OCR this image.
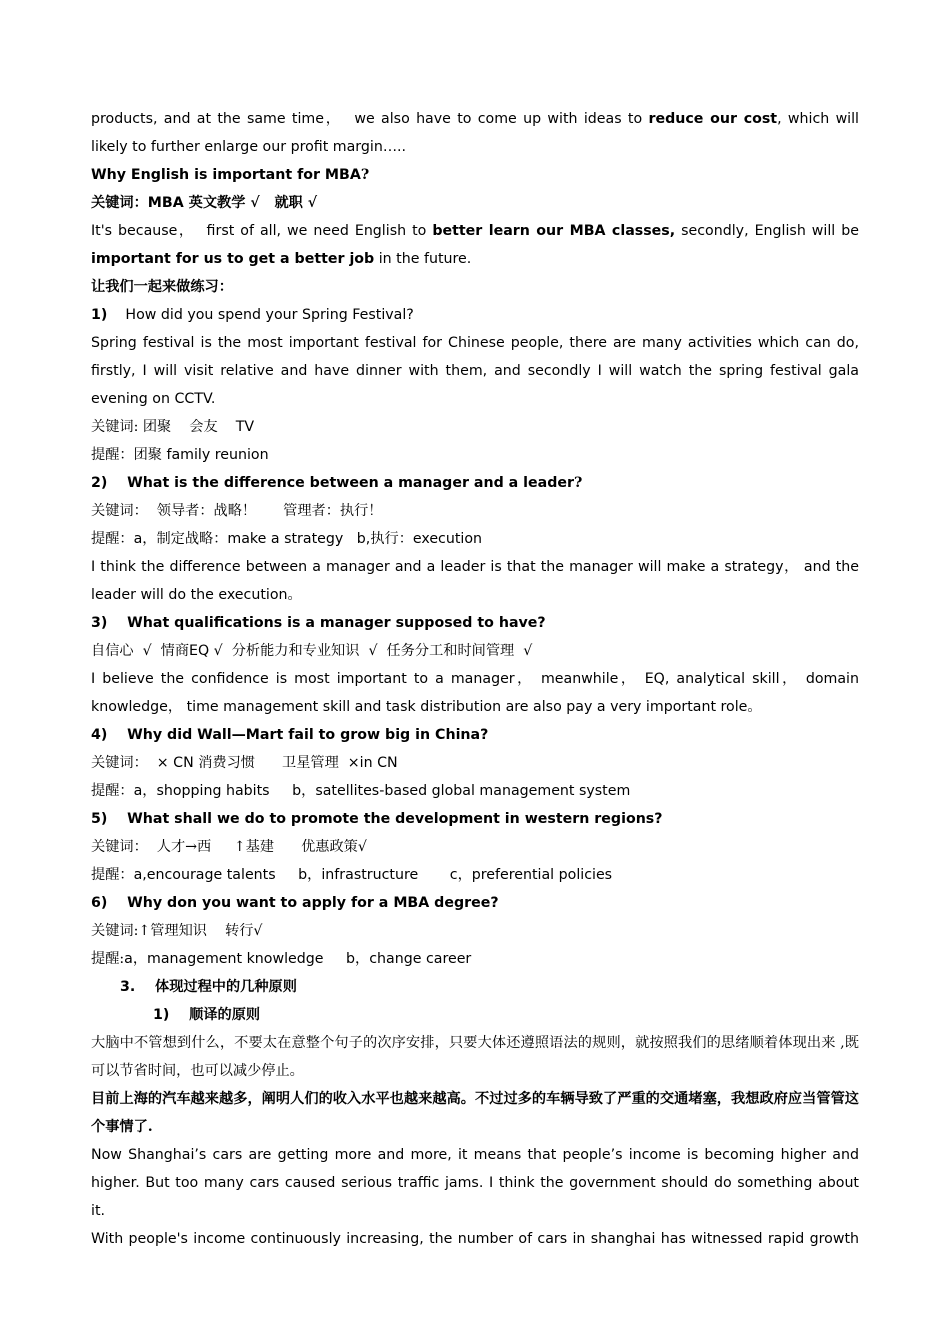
products, and at the same time，  we also have to come up with ideas to reduce our cost, which will
likely to further enlarge our profit margin…..
Why English is important for MBA?
关键词：MBA 英文教学 √   就职 √
It's because，  first of all, we need English to better learn our MBA classes, secondly, English will be
important for us to get a better job in the future.
让我们一起来做练习：
1) How did you spend your Spring Festival?
Spring festival is the most important festival for Chinese people, there are many activities which can do, firstly, I will visit relative and have dinner with them, and secondly I will watch the spring festival gala evening on CCTV.
关键词: 团聚    会友    TV
提醒：团聚 family reunion
2) What is the difference between a manager and a leader?
关键词：  领导者：战略！      管理者：执行！
提醒：a，制定战略：make a strategy   b,执行：execution
I think the difference between a manager and a leader is that the manager will make a strategy， and the leader will do the execution。
3) What qualifications is a manager supposed to have?
自信心  √  情商EQ √  分析能力和专业知识  √  任务分工和时间管理  √
I believe the confidence is most important to a manager， meanwhile， EQ, analytical skill， domain knowledge， time management skill and task distribution are also pay a very important role。
4) Why did Wall—Mart fail to grow big in China?
关键词：  × CN 消费习惯      卫星管理  ×in CN
提醒：a，shopping habits     b，satellites-based global management system
5) What shall we do to promote the development in western regions?
关键词：  人才→西     ↑基建      优惠政策√
提醒：a,encourage talents     b，infrastructure       c，preferential policies
6) Why don you want to apply for a MBA degree?
关键词:↑管理知识    转行√
提醒:a，management knowledge     b，change career
3. 体现过程中的几种原则
1) 顺译的原则
大脑中不管想到什么，不要太在意整个句子的次序安排，只要大体还遵照语法的规则，就按照我们的思绪顺着体现出来 ,既可以节省时间，也可以减少停止。
目前上海的汽车越来越多，阐明人们的收入水平也越来越高。不过过多的车辆导致了严重的交通堵塞，我想政府应当管管这个事情了.
Now Shanghai’s cars are getting more and more, it means that people’s income is becoming higher and higher. But too many cars caused serious traffic jams. I think the government should do something about it.
With people's income continuously increasing, the number of cars in shanghai has witnessed rapid growth
